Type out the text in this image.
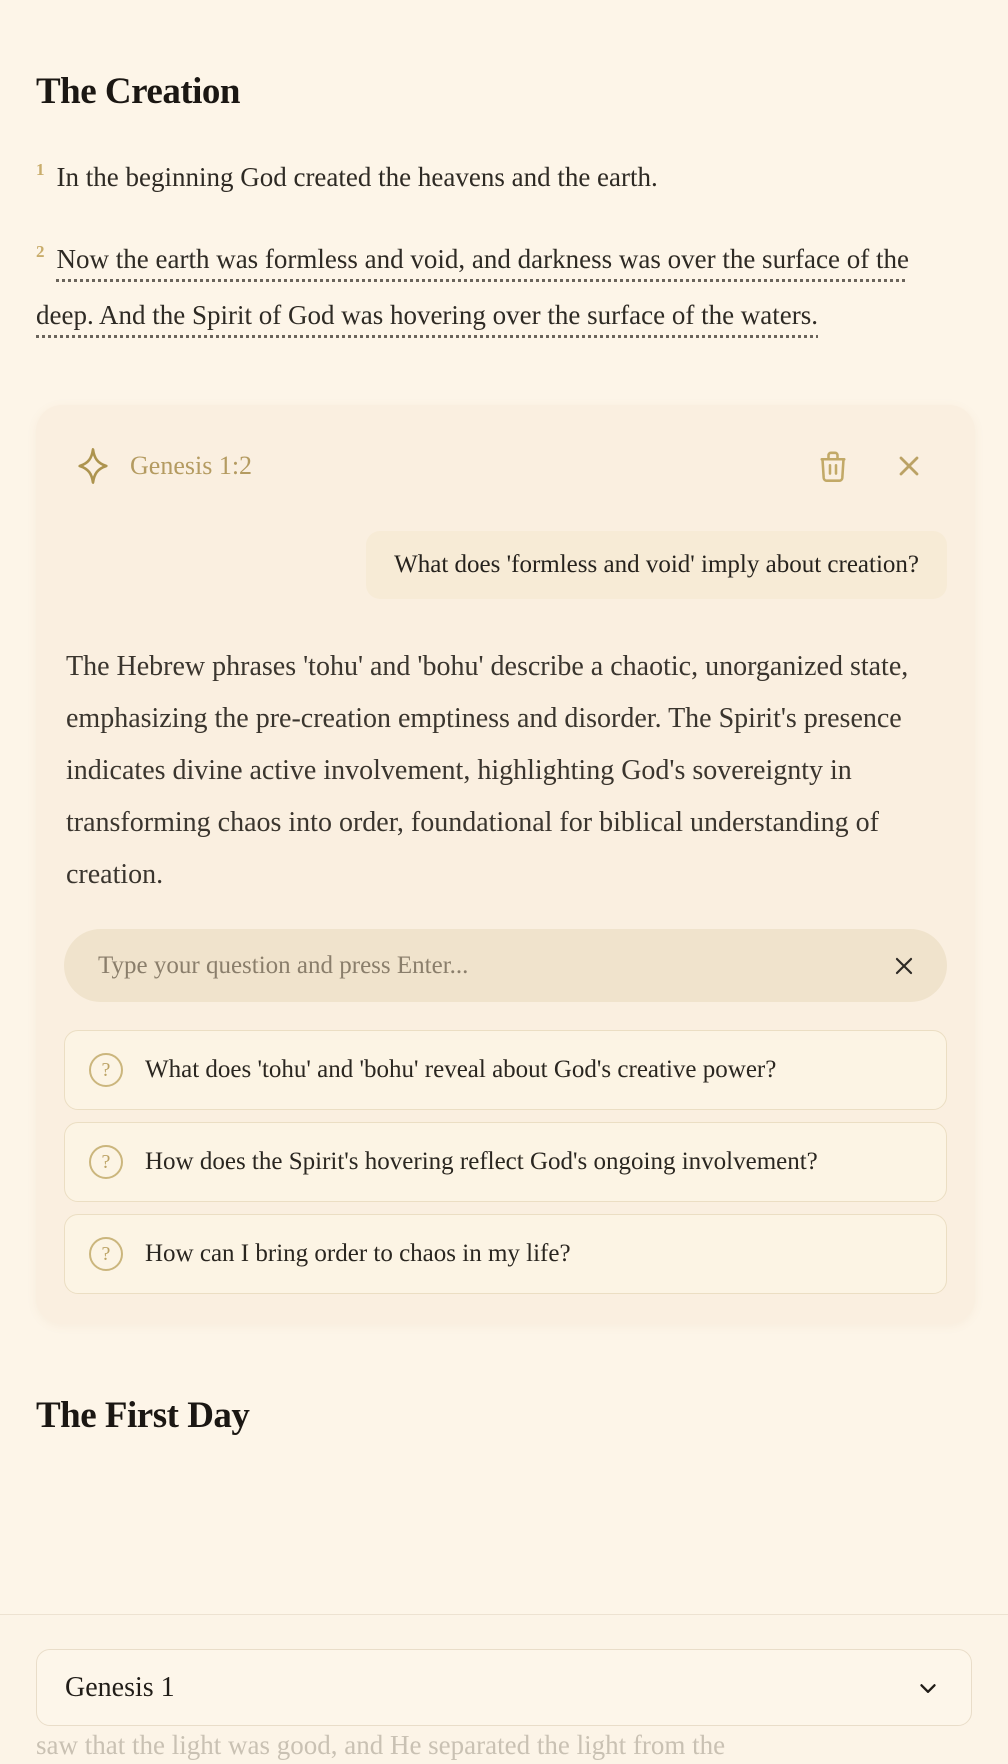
The Creation

$^1$ In the beginning God created the heavens and the earth.

$^2$ Now the earth was formless and void, and darkness was over the surface of the deep. And the Spirit of God was hovering over the surface of the waters.

Genesis 1:2
What does 'formless and void' imply about creation?
The Hebrew phrases 'tohu' and 'bohu' describe a chaotic, unorganized state, emphasizing the pre-creation emptiness and disorder. The Spirit's presence indicates divine active involvement, highlighting God's sovereignty in transforming chaos into order, foundational for biblical understanding of creation.
Type your question and press Enter...
?	What does 'tohu' and 'bohu' reveal about God's creative power?
?	How does the Spirit's hovering reflect God's ongoing involvement?
?	How can I bring order to chaos in my life?
The First Day
Genesis 1

saw that the light was good, and He separated the light from the
